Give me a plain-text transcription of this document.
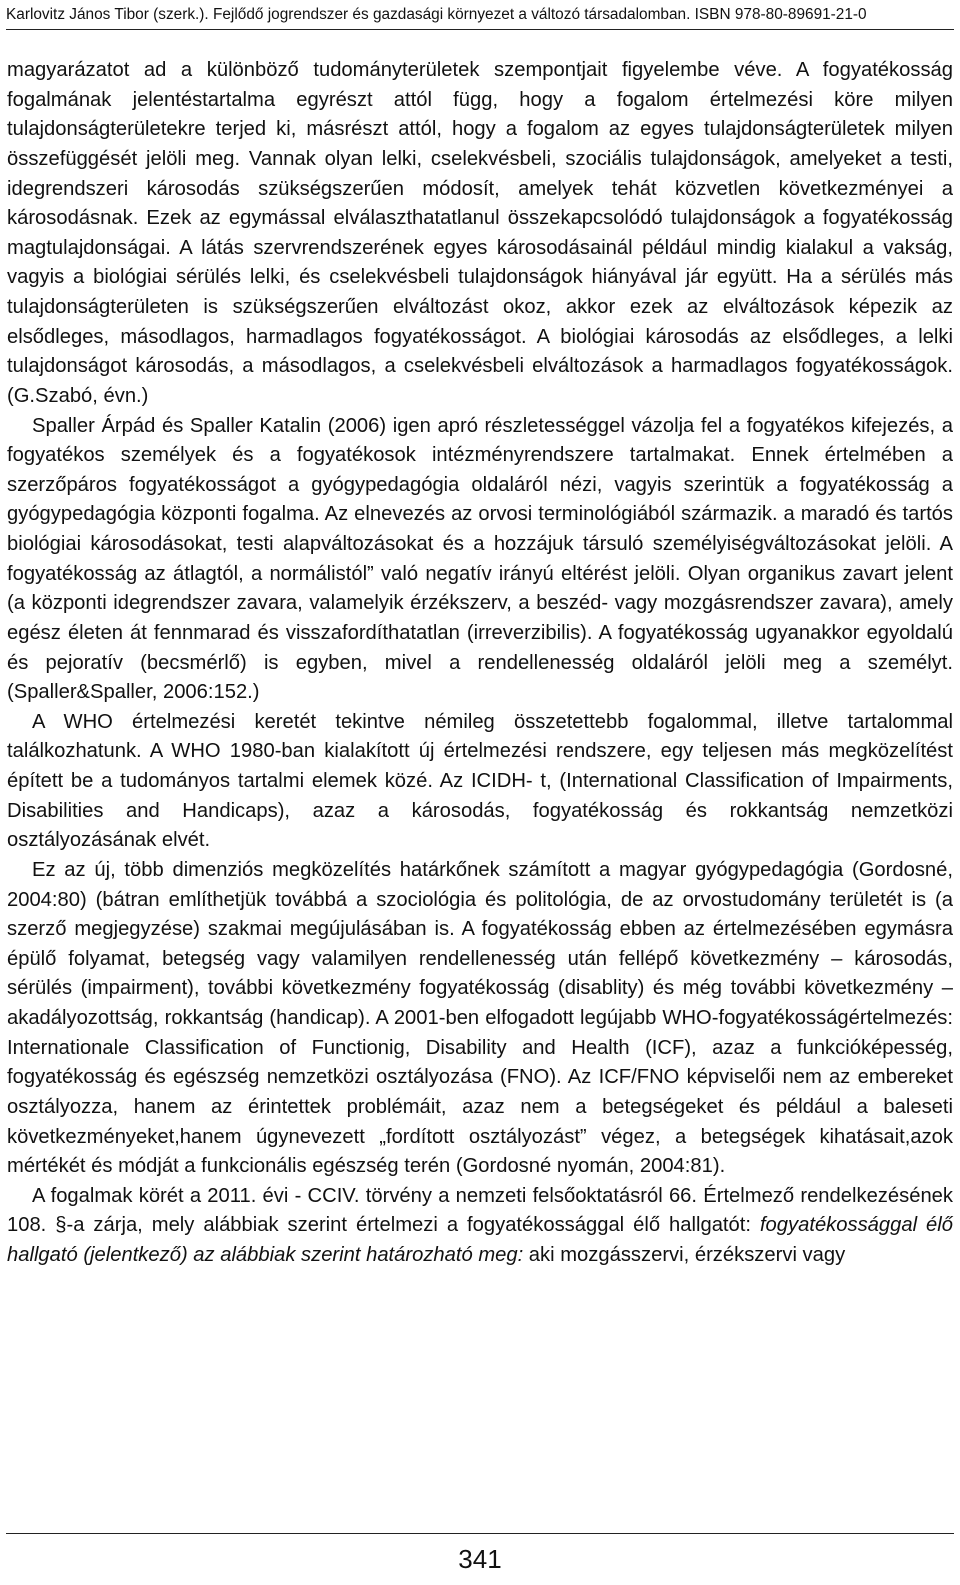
Karlovitz János Tibor (szerk.). Fejlődő jogrendszer és gazdasági környezet a változó társadalomban. ISBN 978-80-89691-21-0

magyarázatot ad a különböző tudományterületek szempontjait figyelembe véve. A fogyatékosság fogalmának jelentéstartalma egyrészt attól függ, hogy a fogalom értelmezési köre milyen tulajdonságterületekre terjed ki, másrészt attól, hogy a fogalom az egyes tulajdonságterületek milyen összefüggését jelöli meg. Vannak olyan lelki, cselekvésbeli, szociális tulajdonságok, amelyeket a testi, idegrendszeri károsodás szükségszerűen módosít, amelyek tehát közvetlen következményei a károsodásnak. Ezek az egymással elválaszthatatlanul összekapcsolódó tulajdonságok a fogyatékosság magtulajdonságai. A látás szervrendszerének egyes károsodásainál például mindig kialakul a vakság, vagyis a biológiai sérülés lelki, és cselekvésbeli tulajdonságok hiányával jár együtt. Ha a sérülés más tulajdonságterületen is szükségszerűen elváltozást okoz, akkor ezek az elváltozások képezik az elsődleges, másodlagos, harmadlagos fogyatékosságot. A biológiai károsodás az elsődleges, a lelki tulajdonságot károsodás, a másodlagos, a cselekvésbeli elváltozások a harmadlagos fogyatékosságok. (G.Szabó, évn.)

Spaller Árpád és Spaller Katalin (2006) igen apró részletességgel vázolja fel a fogyatékos kifejezés, a fogyatékos személyek és a fogyatékosok intézményrendszere tartalmakat. Ennek értelmében a szerzőpáros fogyatékosságot a gyógypedagógia oldaláról nézi, vagyis szerintük a fogyatékosság a gyógypedagógia központi fogalma. Az elnevezés az orvosi terminológiából származik. a maradó és tartós biológiai károsodásokat, testi alapváltozásokat és a hozzájuk társuló személyiségváltozásokat jelöli. A fogyatékosság az átlagtól, a normálistól” való negatív irányú eltérést jelöli. Olyan organikus zavart jelent (a központi idegrendszer zavara, valamelyik érzékszerv, a beszéd- vagy mozgásrendszer zavara), amely egész életen át fennmarad és visszafordíthatatlan (irreverzibilis). A fogyatékosság ugyanakkor egyoldalú és pejoratív (becsmérlő) is egyben, mivel a rendellenesség oldaláról jelöli meg a személyt. (Spaller&Spaller, 2006:152.)

A WHO értelmezési keretét tekintve némileg összetettebb fogalommal, illetve tartalommal találkozhatunk. A WHO 1980-ban kialakított új értelmezési rendszere, egy teljesen más megközelítést épített be a tudományos tartalmi elemek közé. Az ICIDH- t, (International Classification of Impairments, Disabilities and Handicaps), azaz a károsodás, fogyatékosság és rokkantság nemzetközi osztályozásának elvét.

Ez az új, több dimenziós megközelítés határkőnek számított a magyar gyógypedagógia (Gordosné, 2004:80) (bátran említhetjük továbbá a szociológia és politológia, de az orvostudomány területét is (a szerző megjegyzése) szakmai megújulásában is. A fogyatékosság ebben az értelmezésében egymásra épülő folyamat, betegség vagy valamilyen rendellenesség után fellépő következmény – károsodás, sérülés (impairment), további következmény fogyatékosság (disablity) és még további következmény – akadályozottság, rokkantság (handicap). A 2001-ben elfogadott legújabb WHO-fogyatékosságértelmezés: Internationale Classification of Functionig, Disability and Health (ICF), azaz a funkcióképesség, fogyatékosság és egészség nemzetközi osztályozása (FNO). Az ICF/FNO képviselői nem az embereket osztályozza, hanem az érintettek problémáit, azaz nem a betegségeket és például a baleseti következményeket,hanem úgynevezett „fordított osztályozást” végez, a betegségek kihatásait,azok mértékét és módját a funkcionális egészség terén (Gordosné nyomán, 2004:81).

A fogalmak körét a 2011. évi - CCIV. törvény a nemzeti felsőoktatásról 66. Értelmező rendelkezésének 108. §-a zárja, mely alábbiak szerint értelmezi a fogyatékossággal élő hallgatót: fogyatékossággal élő hallgató (jelentkező) az alábbiak szerint határozható meg: aki mozgásszervi, érzékszervi vagy

341
